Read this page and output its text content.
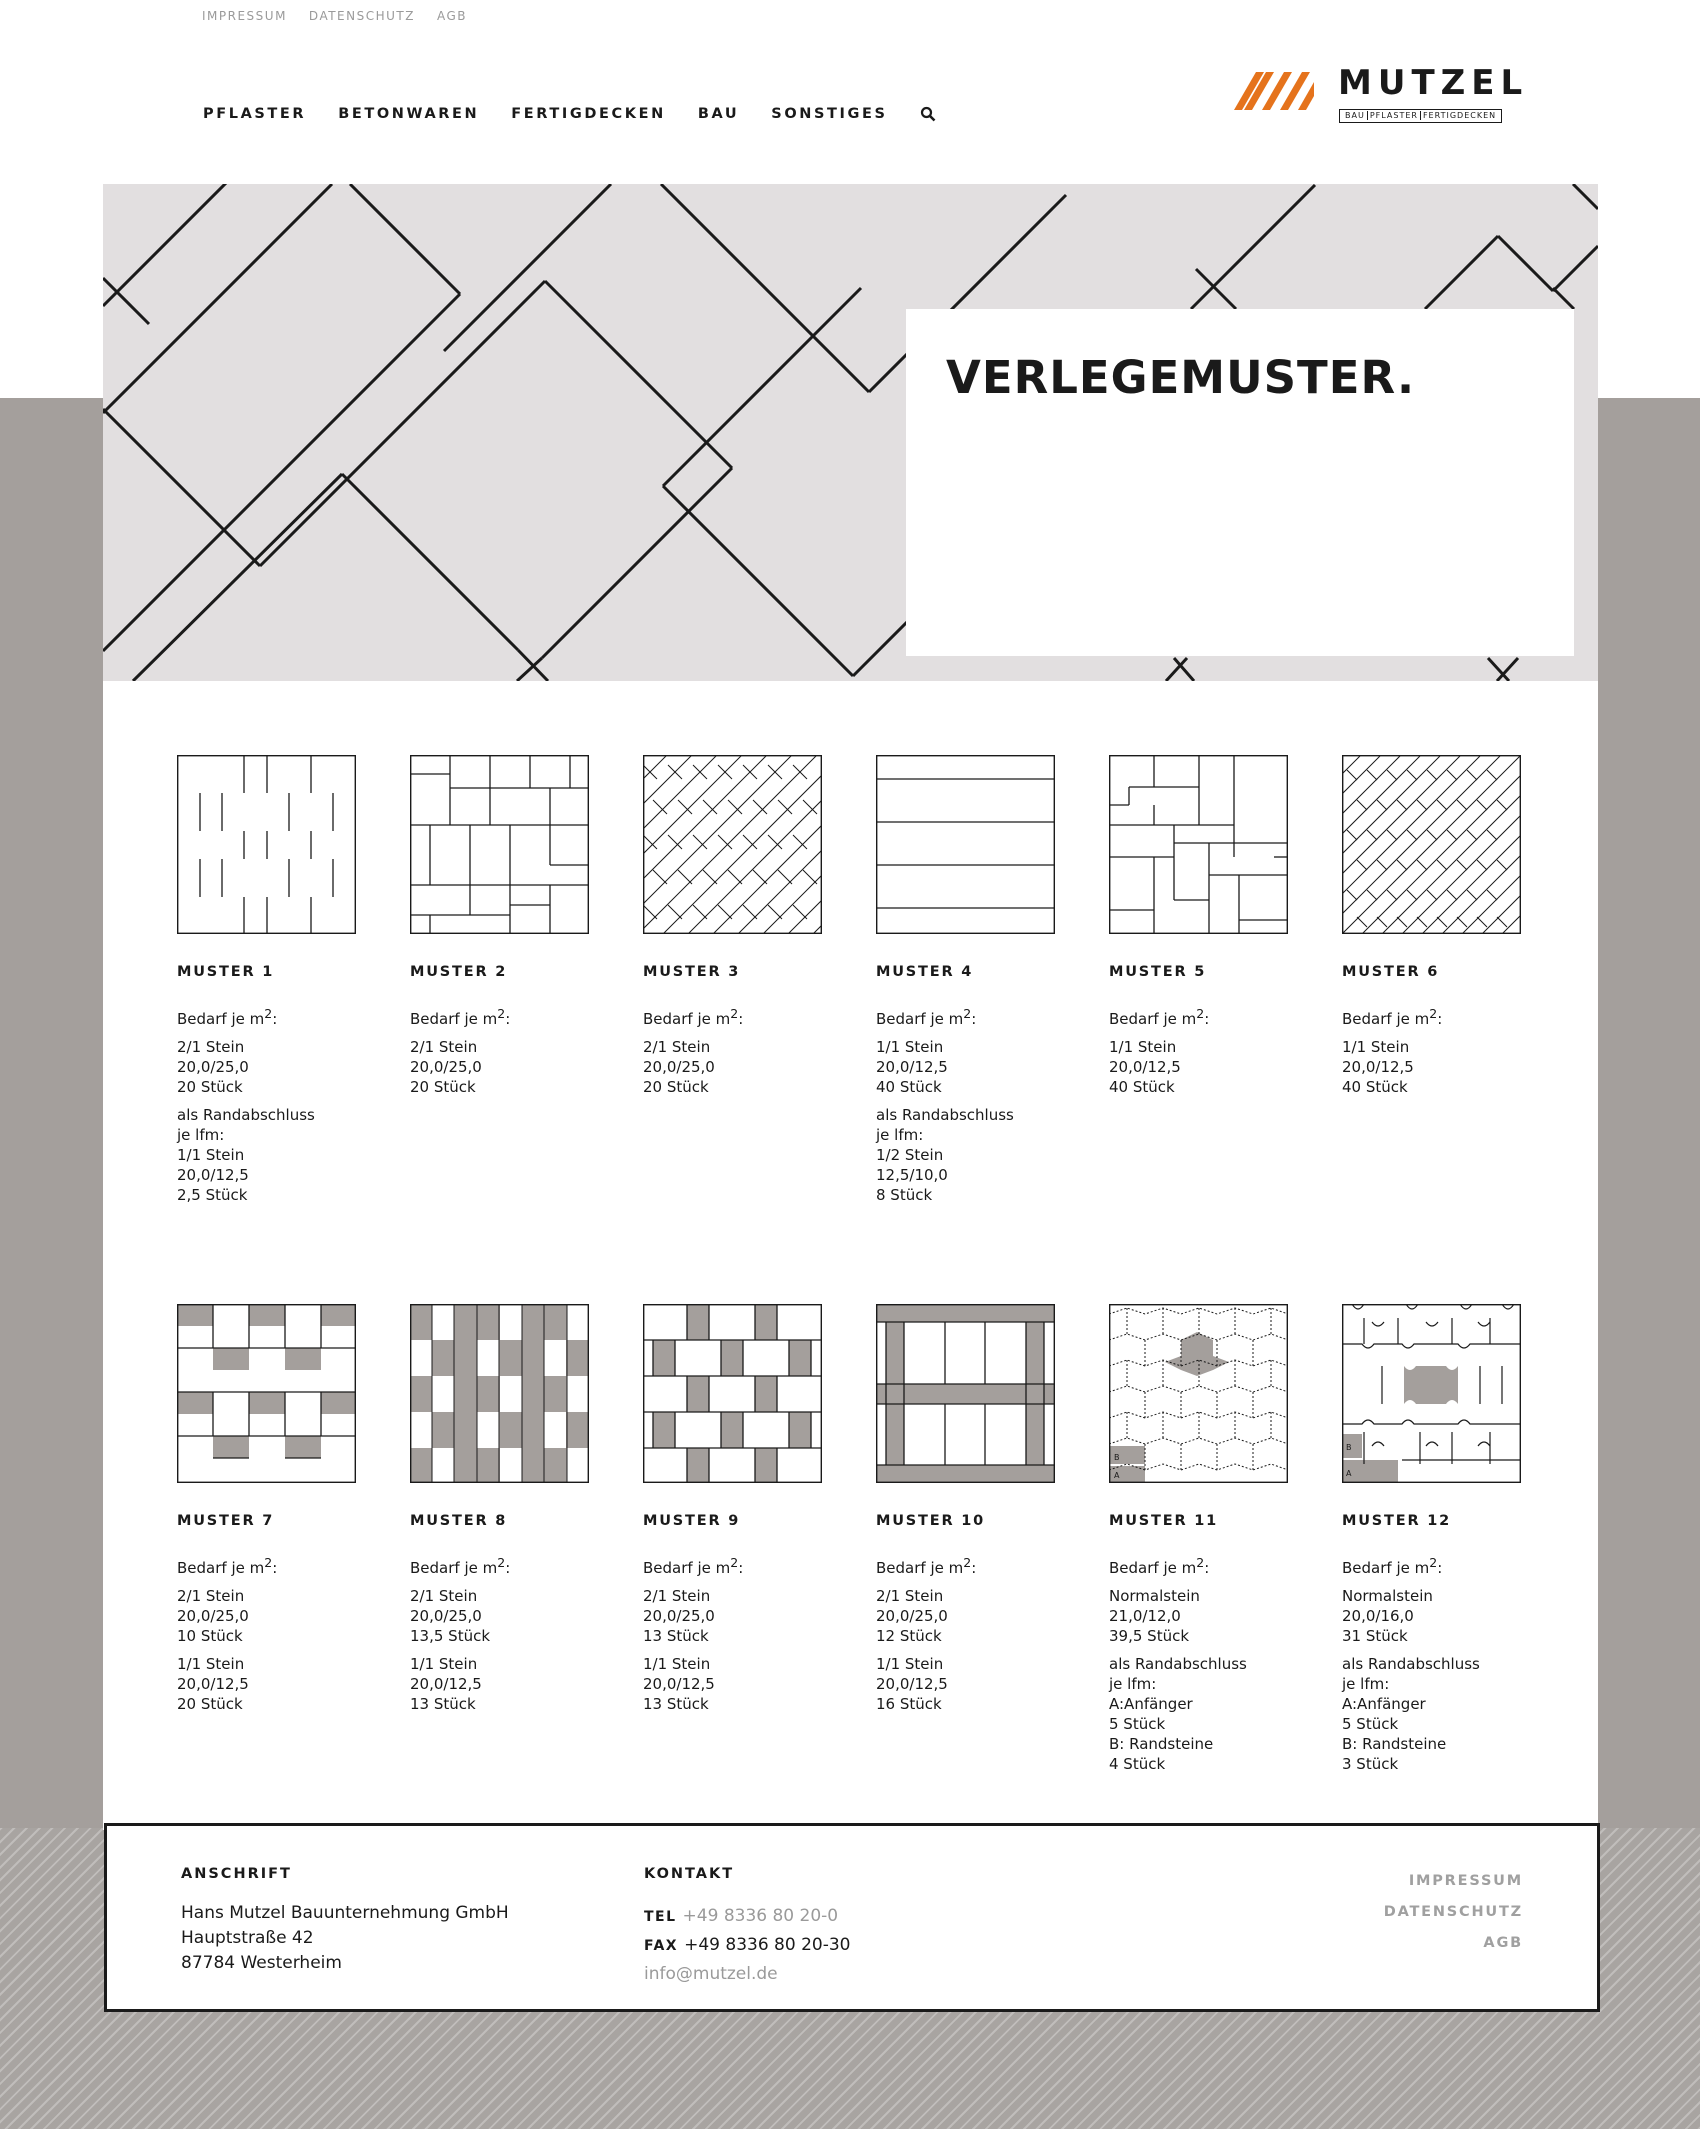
IMPRESSUM DATENSCHUTZ AGB
PFLASTER BETONWAREN FERTIGDECKEN BAU SONSTIGES
MUTZEL
BAU PFLASTER FERTIGDECKEN
VERLEGEMUSTER.
MUSTER 1
Bedarf je $m^2$:
2/1 Stein
20,0/25,0
20 Stück
als Randabschluss
je lfm:
1/1 Stein
20,0/12,5
2,5 Stück
MUSTER 2
Bedarf je $m^2$:
2/1 Stein
20,0/25,0
20 Stück
MUSTER 3
Bedarf je $m^2$:
2/1 Stein
20,0/25,0
20 Stück
MUSTER 4
Bedarf je $m^2$:
1/1 Stein
20,0/12,5
40 Stück
als Randabschluss
je lfm:
1/2 Stein
12,5/10,0
8 Stück
MUSTER 5
Bedarf je $m^2$:
1/1 Stein
20,0/12,5
40 Stück
MUSTER 6
Bedarf je $m^2$:
1/1 Stein
20,0/12,5
40 Stück
MUSTER 7
Bedarf je $m^2$:
2/1 Stein
20,0/25,0
10 Stück
1/1 Stein
20,0/12,5
20 Stück
MUSTER 8
Bedarf je $m^2$:
2/1 Stein
20,0/25,0
13,5 Stück
1/1 Stein
20,0/12,5
13 Stück
MUSTER 9
Bedarf je $m^2$:
2/1 Stein
20,0/25,0
13 Stück
1/1 Stein
20,0/12,5
13 Stück
MUSTER 10
Bedarf je $m^2$:
2/1 Stein
20,0/25,0
12 Stück
1/1 Stein
20,0/12,5
16 Stück
B
A
MUSTER 11
Bedarf je $m^2$:
Normalstein
21,0/12,0
39,5 Stück
als Randabschluss
je lfm:
A:Anfänger
5 Stück
B: Randsteine
4 Stück
B
A
MUSTER 12
Bedarf je $m^2$:
Normalstein
20,0/16,0
31 Stück
als Randabschluss
je lfm:
A:Anfänger
5 Stück
B: Randsteine
3 Stück
ANSCHRIFT
Hans Mutzel Bauunternehmung GmbH
Hauptstraße 42
87784 Westerheim
KONTAKT
TEL +49 8336 80 20-0
FAX +49 8336 80 20-30
info@mutzel.de
IMPRESSUM
DATENSCHUTZ
AGB
